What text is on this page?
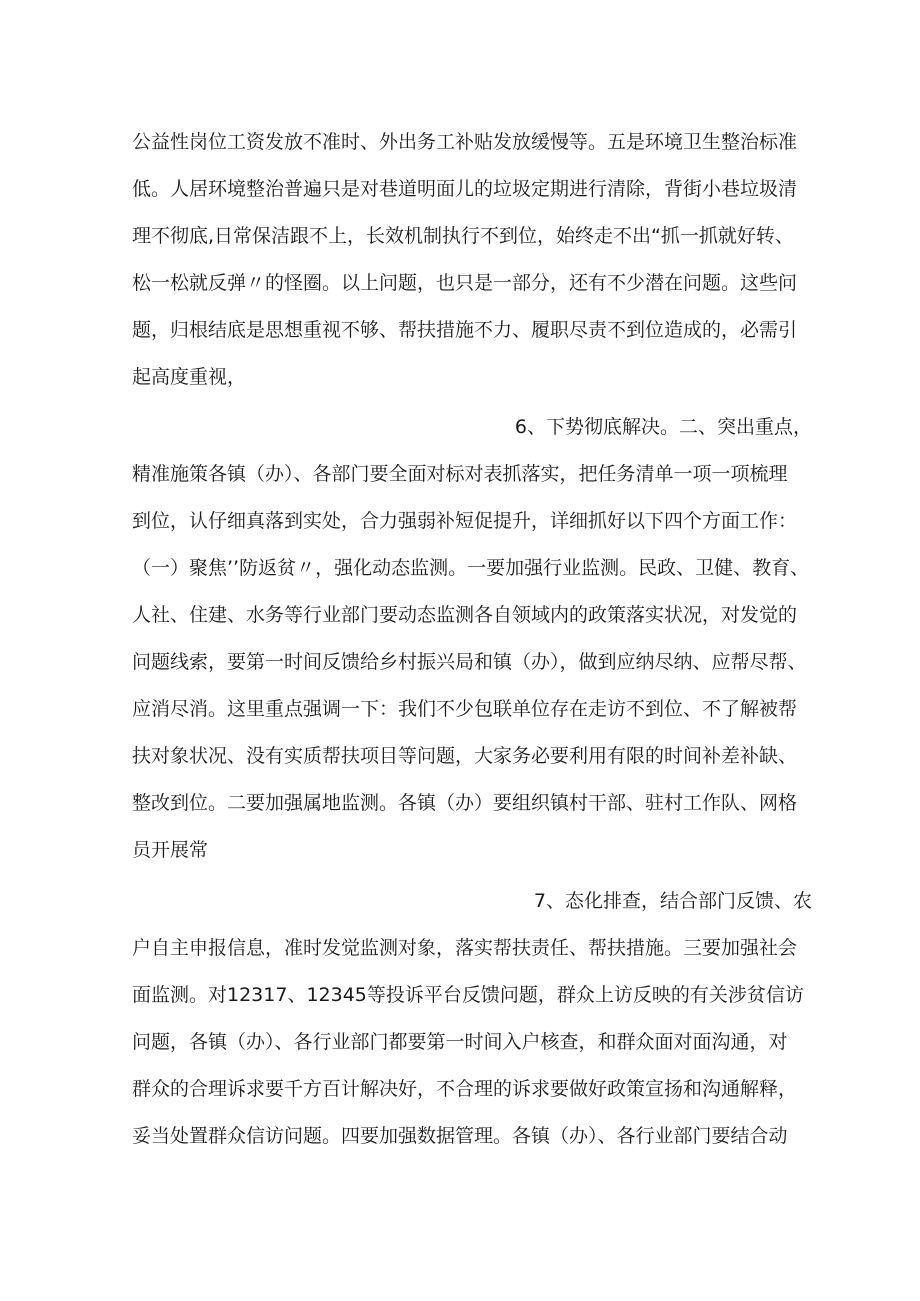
公益性岗位工资发放不准时、外出务工补贴发放缓慢等。五是环境卫生整治标准
低。人居环境整治普遍只是对巷道明面儿的垃圾定期进行清除，背街小巷垃圾清
理不彻底,日常保洁跟不上，长效机制执行不到位，始终走不出“抓一抓就好转、
松一松就反弹〃的怪圈。以上问题，也只是一部分，还有不少潜在问题。这些问
题，归根结底是思想重视不够、帮扶措施不力、履职尽责不到位造成的，必需引
起高度重视，
6、下势彻底解决。二、突出重点，
精准施策各镇（办）、各部门要全面对标对表抓落实，把任务清单一项一项梳理
到位，认仔细真落到实处，合力强弱补短促提升，详细抓好以下四个方面工作：
（一）聚焦’’防返贫〃，强化动态监测。一要加强行业监测。民政、卫健、教育、
人社、住建、水务等行业部门要动态监测各自领域内的政策落实状况，对发觉的
问题线索，要第一时间反馈给乡村振兴局和镇（办），做到应纳尽纳、应帮尽帮、
应消尽消。这里重点强调一下：我们不少包联单位存在走访不到位、不了解被帮
扶对象状况、没有实质帮扶项目等问题，大家务必要利用有限的时间补差补缺、
整改到位。二要加强属地监测。各镇（办）要组织镇村干部、驻村工作队、网格
员开展常
7、态化排查，结合部门反馈、农
户自主申报信息，准时发觉监测对象，落实帮扶责任、帮扶措施。三要加强社会
面监测。对12317、12345等投诉平台反馈问题，群众上访反映的有关涉贫信访
问题，各镇（办）、各行业部门都要第一时间入户核查，和群众面对面沟通，对
群众的合理诉求要千方百计解决好，不合理的诉求要做好政策宣扬和沟通解释，
妥当处置群众信访问题。四要加强数据管理。各镇（办）、各行业部门要结合动
